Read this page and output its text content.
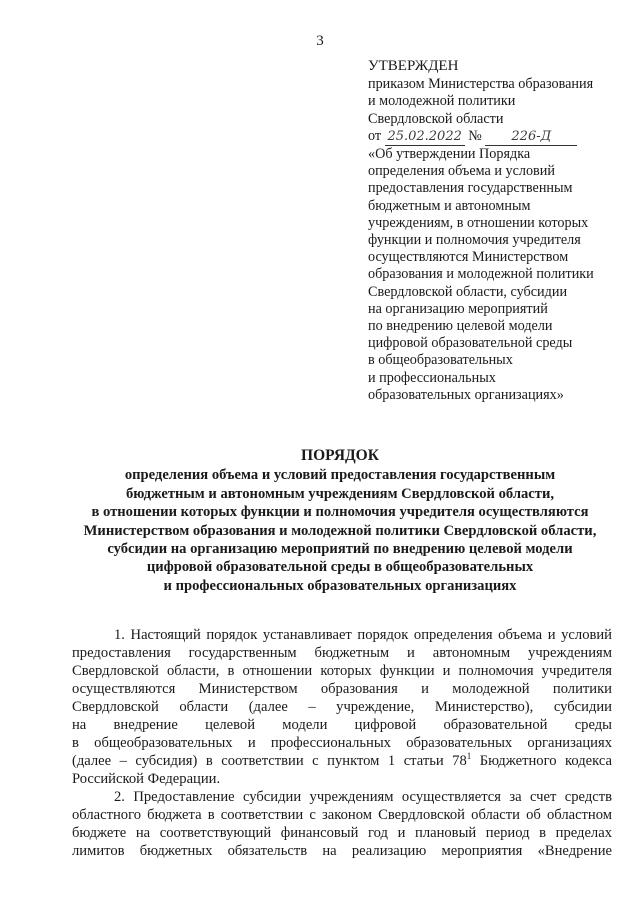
3
УТВЕРЖДЕН
приказом Министерства образования
и молодежной политики
Свердловской области
от 25.02.2022 № 226-Д
«Об утверждении Порядка
определения объема и условий
предоставления государственным
бюджетным и автономным
учреждениям, в отношении которых
функции и полномочия учредителя
осуществляются Министерством
образования и молодежной политики
Свердловской области, субсидии
на организацию мероприятий
по внедрению целевой модели
цифровой образовательной среды
в общеобразовательных
и профессиональных
образовательных организациях»
ПОРЯДОК
определения объема и условий предоставления государственным
бюджетным и автономным учреждениям Свердловской области,
в отношении которых функции и полномочия учредителя осуществляются
Министерством образования и молодежной политики Свердловской области,
субсидии на организацию мероприятий по внедрению целевой модели
цифровой образовательной среды в общеобразовательных
и профессиональных образовательных организациях
1. Настоящий порядок устанавливает порядок определения объема и условий
предоставления государственным бюджетным и автономным учреждениям
Свердловской области, в отношении которых функции и полномочия учредителя
осуществляются Министерством образования и молодежной политики
Свердловской области (далее – учреждение, Министерство), субсидии
на внедрение целевой модели цифровой образовательной среды
в общеобразовательных и профессиональных образовательных организациях
(далее – субсидия) в соответствии с пунктом 1 статьи $78^1$ Бюджетного кодекса
Российской Федерации.
2. Предоставление субсидии учреждениям осуществляется за счет средств
областного бюджета в соответствии с законом Свердловской области об областном
бюджете на соответствующий финансовый год и плановый период в пределах
лимитов бюджетных обязательств на реализацию мероприятия «Внедрение
